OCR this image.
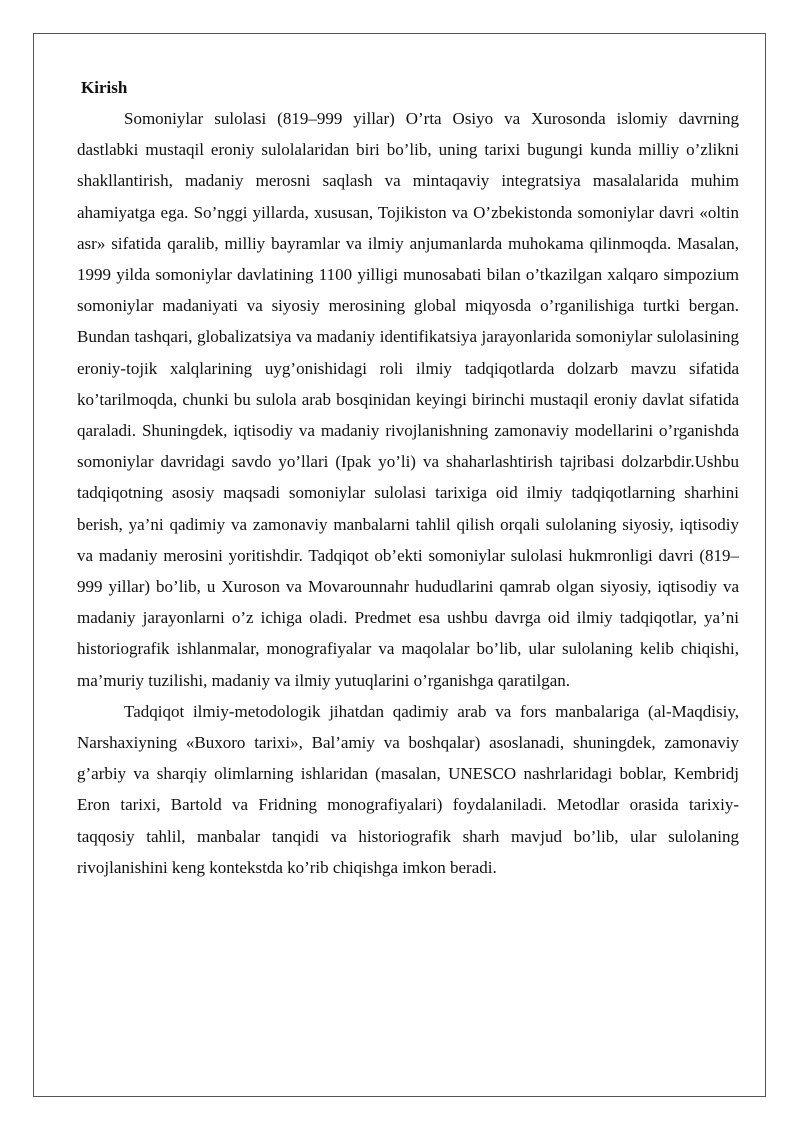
Kirish

Somoniylar sulolasi (819–999 yillar) O’rta Osiyo va Xurosonda islomiy davrning dastlabki mustaqil eroniy sulolalaridan biri bo’lib, uning tarixi bugungi kunda milliy o’zlikni shakllantirish, madaniy merosni saqlash va mintaqaviy integratsiya masalalarida muhim ahamiyatga ega. So’nggi yillarda, xususan, Tojikiston va O’zbekistonda somoniylar davri «oltin asr» sifatida qaralib, milliy bayramlar va ilmiy anjumanlarda muhokama qilinmoqda. Masalan, 1999 yilda somoniylar davlatining 1100 yilligi munosabati bilan o’tkazilgan xalqaro simpozium somoniylar madaniyati va siyosiy merosining global miqyosda o’rganilishiga turtki bergan. Bundan tashqari, globalizatsiya va madaniy identifikatsiya jarayonlarida somoniylar sulolasining eroniy-tojik xalqlarining uyg’onishidagi roli ilmiy tadqiqotlarda dolzarb mavzu sifatida ko’tarilmoqda, chunki bu sulola arab bosqinidan keyingi birinchi mustaqil eroniy davlat sifatida qaraladi. Shuningdek, iqtisodiy va madaniy rivojlanishning zamonaviy modellarini o’rganishda somoniylar davridagi savdo yo’llari (Ipak yo’li) va shaharlashtirish tajribasi dolzarbdir.Ushbu tadqiqotning asosiy maqsadi somoniylar sulolasi tarixiga oid ilmiy tadqiqotlarning sharhini berish, ya’ni qadimiy va zamonaviy manbalarni tahlil qilish orqali sulolaning siyosiy, iqtisodiy va madaniy merosini yoritishdir. Tadqiqot ob’ekti somoniylar sulolasi hukmronligi davri (819–999 yillar) bo’lib, u Xuroson va Movarounnahr hududlarini qamrab olgan siyosiy, iqtisodiy va madaniy jarayonlarni o’z ichiga oladi. Predmet esa ushbu davrga oid ilmiy tadqiqotlar, ya’ni historiografik ishlanmalar, monografiyalar va maqolalar bo’lib, ular sulolaning kelib chiqishi, ma’muriy tuzilishi, madaniy va ilmiy yutuqlarini o’rganishga qaratilgan.

Tadqiqot ilmiy-metodologik jihatdan qadimiy arab va fors manbalariga (al-Maqdisiy, Narshaxiyning «Buxoro tarixi», Bal’amiy va boshqalar) asoslanadi, shuningdek, zamonaviy g’arbiy va sharqiy olimlarning ishlaridan (masalan, UNESCO nashrlaridagi boblar, Kembridj Eron tarixi, Bartold va Fridning monografiyalari) foydalaniladi. Metodlar orasida tarixiy-taqqosiy tahlil, manbalar tanqidi va historiografik sharh mavjud bo’lib, ular sulolaning rivojlanishini keng kontekstda ko’rib chiqishga imkon beradi.
